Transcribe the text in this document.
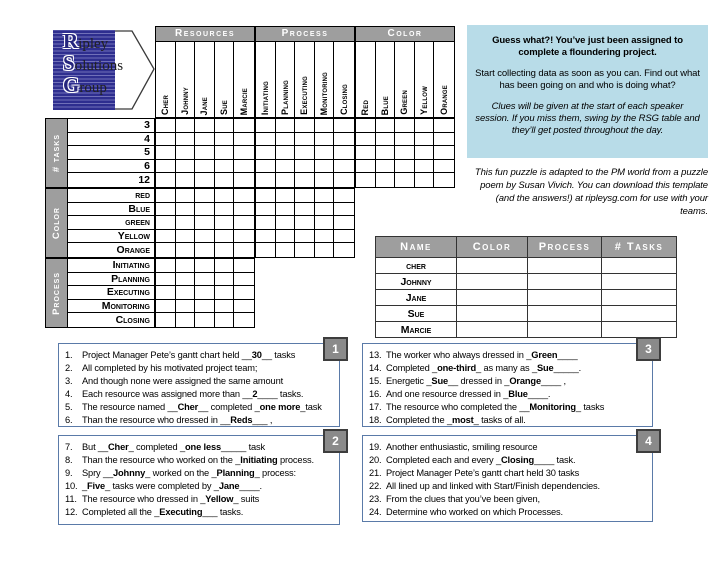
Ripley
Solutions
Group
Resources
Cher Johnny Jane Sue Marcie
Process
Initiating Planning Executing Monitoring Closing
Color
Red Blue Green Yellow Orange
# tasks
3
4
5
6
12
Color
red
Blue
green
Yellow
Orange
Process
Initiating
Planning
Executing
Monitoring
Closing

Guess what?! You’ve just been assigned to complete a floundering project.

Start collecting data as soon as you can. Find out what has been going on and who is doing what?

Clues will be given at the start of each speaker session. If you miss them, swing by the RSG table and they’ll get posted throughout the day.

This fun puzzle is adapted to the PM world from a puzzle poem by Susan Vivich. You can download this template (and the answers!) at ripleysg.com for use with your teams.
Name	Color	Process	# Tasks
cher			
Johnny			
Jane			
Sue			
Marcie			
1
1.	Project Manager Pete’s gantt chart held __30__ tasks
2.	All completed by his motivated project team;
3.	And though none were assigned the same amount
4.	Each resource was assigned more than __2____ tasks.
5.	The resource named __Cher__ completed _one more_task
6.	Than the resource who dressed in __Reds___ ,
2
7.	But __Cher_ completed _one less_____ task
8.	Than the resource who worked on the _Initiating process.
9.	Spry __Johnny_ worked on the _Planning_ process:
10. _Five_ tasks were completed by _Jane____.
11. The resource who dressed in _Yellow_ suits
12. Completed all the _Executing___ tasks.
3
13. The worker who always dressed in _Green____
14. Completed _one-third_ as many as _Sue_____.
15. Energetic _Sue__ dressed in _Orange____ ,
16. And one resource dressed in _Blue____.
17. The resource who completed the __Monitoring_ tasks
18. Completed the _most_ tasks of all.
4
19. Another enthusiastic, smiling resource
20. Completed each and every _Closing____ task.
21. Project Manager Pete’s gantt chart held 30 tasks
22. All lined up and linked with Start/Finish dependencies.
23. From the clues that you’ve been given,
24. Determine who worked on which Processes.
